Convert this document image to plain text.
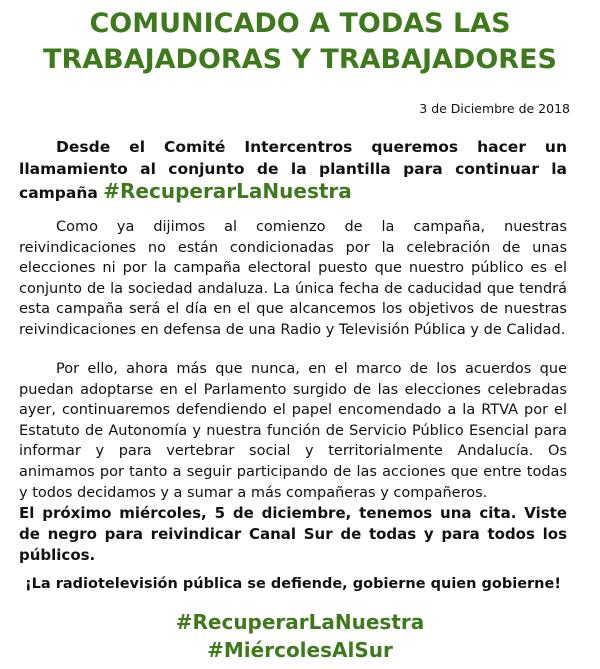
COMUNICADO A TODAS LAS
TRABAJADORAS Y TRABAJADORES
3 de Diciembre de 2018

Desde el Comité Intercentros queremos hacer un llamamiento al conjunto de la plantilla para continuar la campaña #RecuperarLaNuestra

Como ya dijimos al comienzo de la campaña, nuestras reivindicaciones no están condicionadas por la celebración de unas elecciones ni por la campaña electoral puesto que nuestro público es el conjunto de la sociedad andaluza. La única fecha de caducidad que tendrá esta campaña será el día en el que alcancemos los objetivos de nuestras reivindicaciones en defensa de una Radio y Televisión Pública y de Calidad.

Por ello, ahora más que nunca, en el marco de los acuerdos que puedan adoptarse en el Parlamento surgido de las elecciones celebradas ayer, continuaremos defendiendo el papel encomendado a la RTVA por el Estatuto de Autonomía y nuestra función de Servicio Público Esencial para informar y para vertebrar social y territorialmente Andalucía. Os animamos por tanto a seguir participando de las acciones que entre todas y todos decidamos y a sumar a más compañeras y compañeros.

El próximo miércoles, 5 de diciembre, tenemos una cita. Viste de negro para reivindicar Canal Sur de todas y para todos los públicos.

¡La radiotelevisión pública se defiende, gobierne quien gobierne!

#RecuperarLaNuestra

#MiércolesAlSur
